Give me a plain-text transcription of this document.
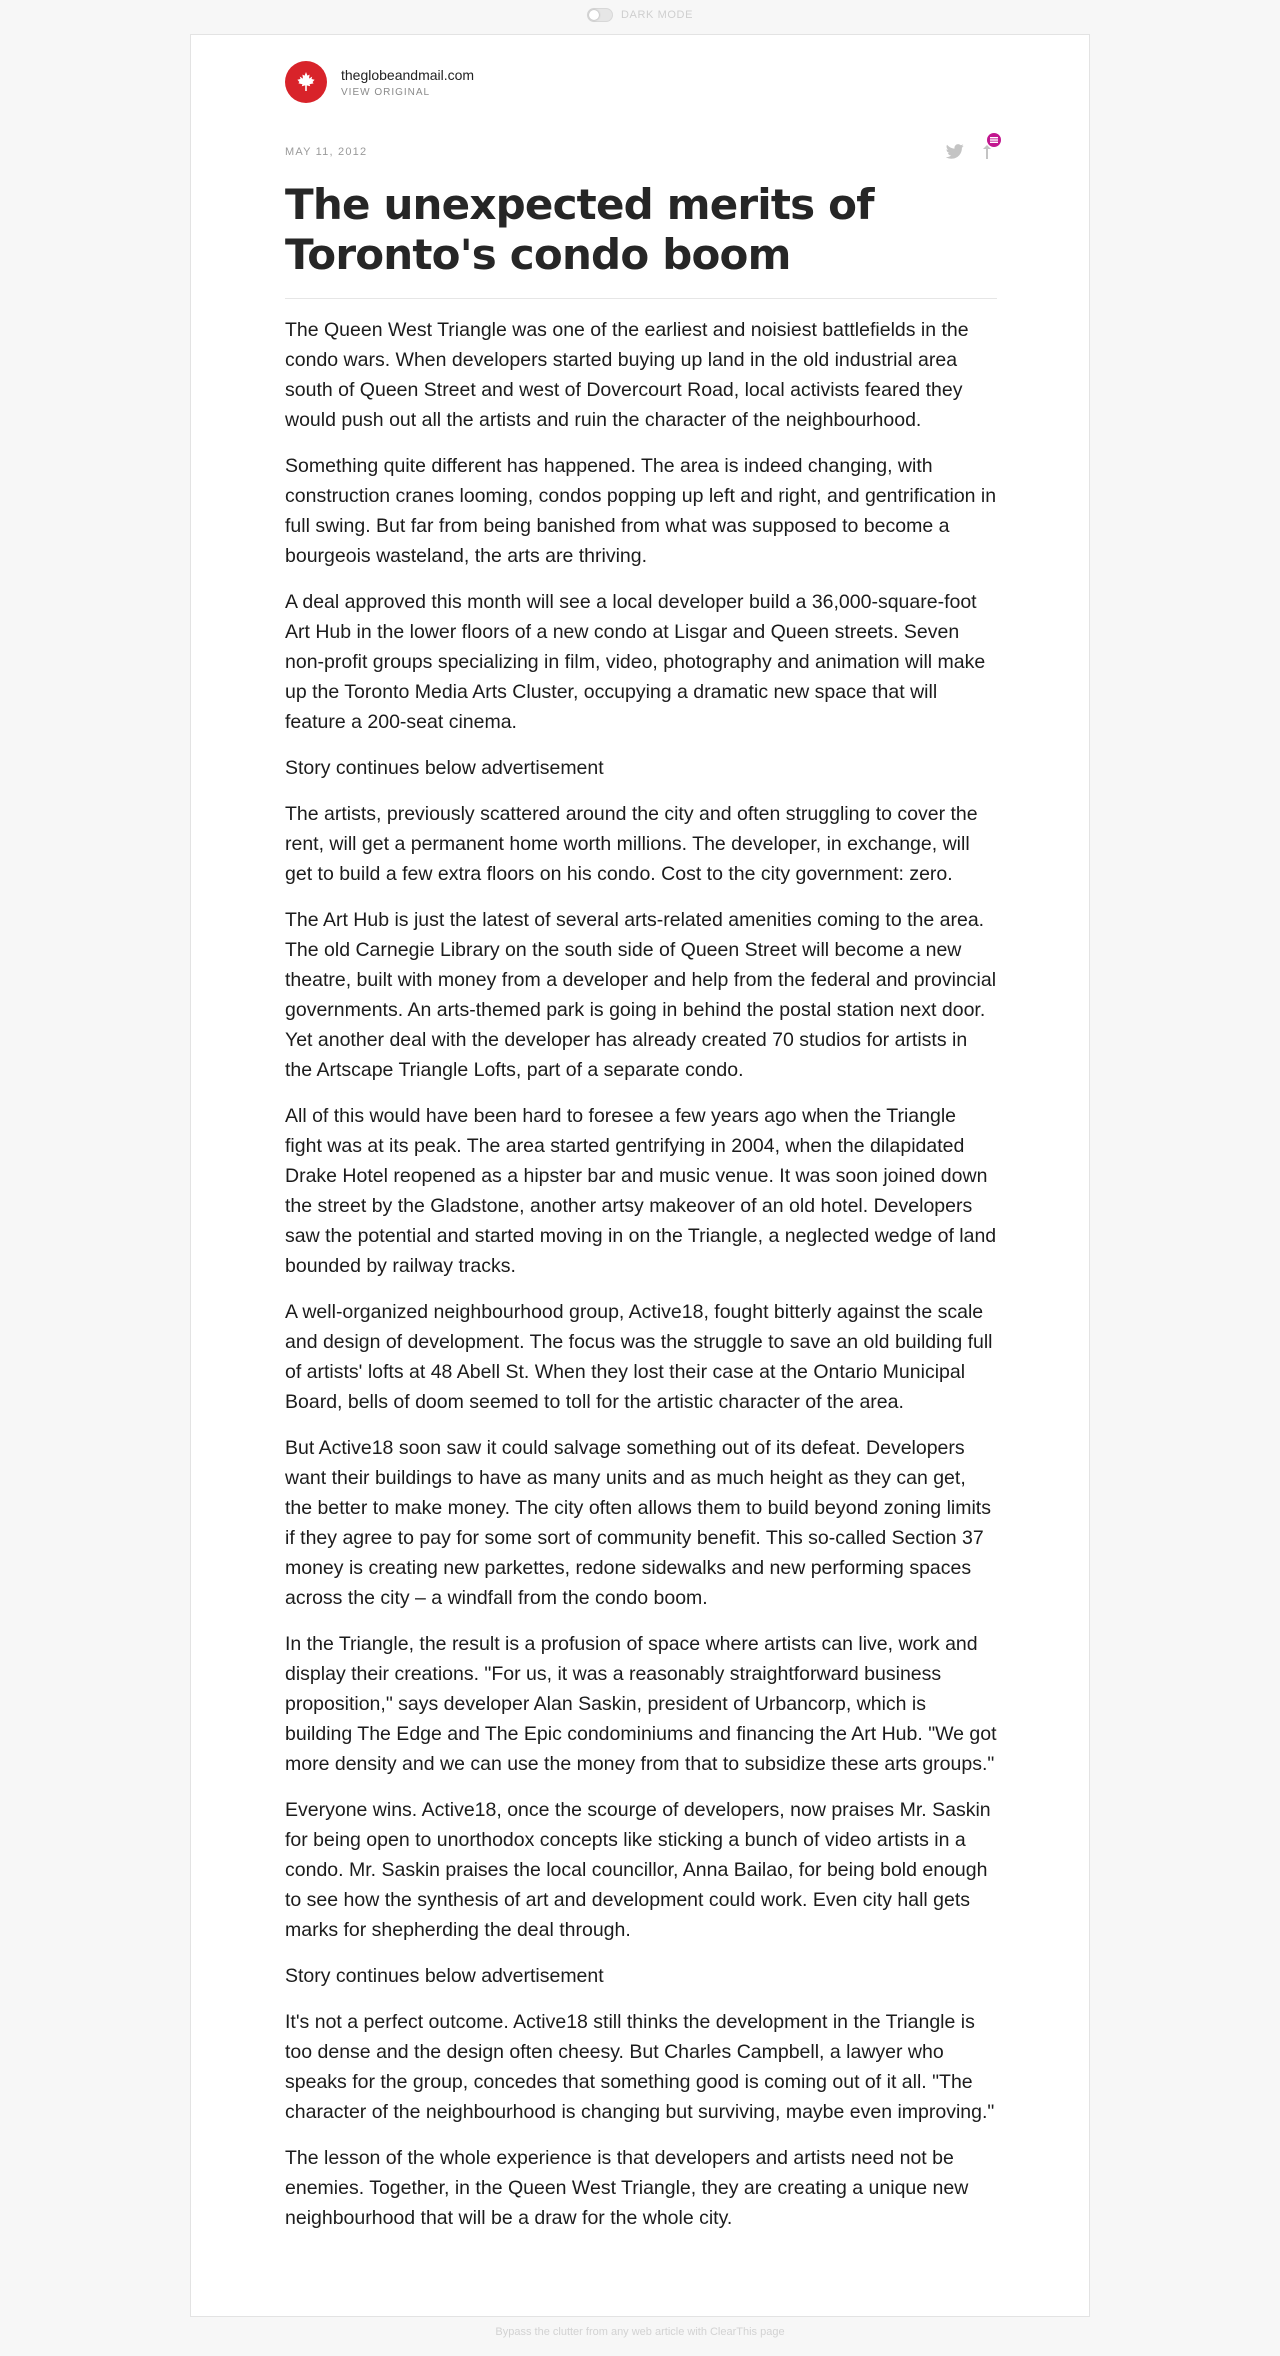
DARK MODE
theglobeandmail.com
VIEW ORIGINAL
MAY 11, 2012
The unexpected merits of Toronto's condo boom

The Queen West Triangle was one of the earliest and noisiest battlefields in the condo wars. When developers started buying up land in the old industrial area south of Queen Street and west of Dovercourt Road, local activists feared they would push out all the artists and ruin the character of the neighbourhood.

Something quite different has happened. The area is indeed changing, with construction cranes looming, condos popping up left and right, and gentrification in full swing. But far from being banished from what was supposed to become a bourgeois wasteland, the arts are thriving.

A deal approved this month will see a local developer build a 36,000-square-foot Art Hub in the lower floors of a new condo at Lisgar and Queen streets. Seven non-profit groups specializing in film, video, photography and animation will make up the Toronto Media Arts Cluster, occupying a dramatic new space that will feature a 200-seat cinema.

Story continues below advertisement

The artists, previously scattered around the city and often struggling to cover the rent, will get a permanent home worth millions. The developer, in exchange, will get to build a few extra floors on his condo. Cost to the city government: zero.

The Art Hub is just the latest of several arts-related amenities coming to the area. The old Carnegie Library on the south side of Queen Street will become a new theatre, built with money from a developer and help from the federal and provincial governments. An arts-themed park is going in behind the postal station next door. Yet another deal with the developer has already created 70 studios for artists in the Artscape Triangle Lofts, part of a separate condo.

All of this would have been hard to foresee a few years ago when the Triangle fight was at its peak. The area started gentrifying in 2004, when the dilapidated Drake Hotel reopened as a hipster bar and music venue. It was soon joined down the street by the Gladstone, another artsy makeover of an old hotel. Developers saw the potential and started moving in on the Triangle, a neglected wedge of land bounded by railway tracks.

A well-organized neighbourhood group, Active18, fought bitterly against the scale and design of development. The focus was the struggle to save an old building full of artists' lofts at 48 Abell St. When they lost their case at the Ontario Municipal Board, bells of doom seemed to toll for the artistic character of the area.

But Active18 soon saw it could salvage something out of its defeat. Developers want their buildings to have as many units and as much height as they can get, the better to make money. The city often allows them to build beyond zoning limits if they agree to pay for some sort of community benefit. This so-called Section 37 money is creating new parkettes, redone sidewalks and new performing spaces across the city – a windfall from the condo boom.

In the Triangle, the result is a profusion of space where artists can live, work and display their creations. "For us, it was a reasonably straightforward business proposition," says developer Alan Saskin, president of Urbancorp, which is building The Edge and The Epic condominiums and financing the Art Hub. "We got more density and we can use the money from that to subsidize these arts groups."

Everyone wins. Active18, once the scourge of developers, now praises Mr. Saskin for being open to unorthodox concepts like sticking a bunch of video artists in a condo. Mr. Saskin praises the local councillor, Anna Bailao, for being bold enough to see how the synthesis of art and development could work. Even city hall gets marks for shepherding the deal through.

Story continues below advertisement

It's not a perfect outcome. Active18 still thinks the development in the Triangle is too dense and the design often cheesy. But Charles Campbell, a lawyer who speaks for the group, concedes that something good is coming out of it all. "The character of the neighbourhood is changing but surviving, maybe even improving."

The lesson of the whole experience is that developers and artists need not be enemies. Together, in the Queen West Triangle, they are creating a unique new neighbourhood that will be a draw for the whole city.

Bypass the clutter from any web article with ClearThis page
